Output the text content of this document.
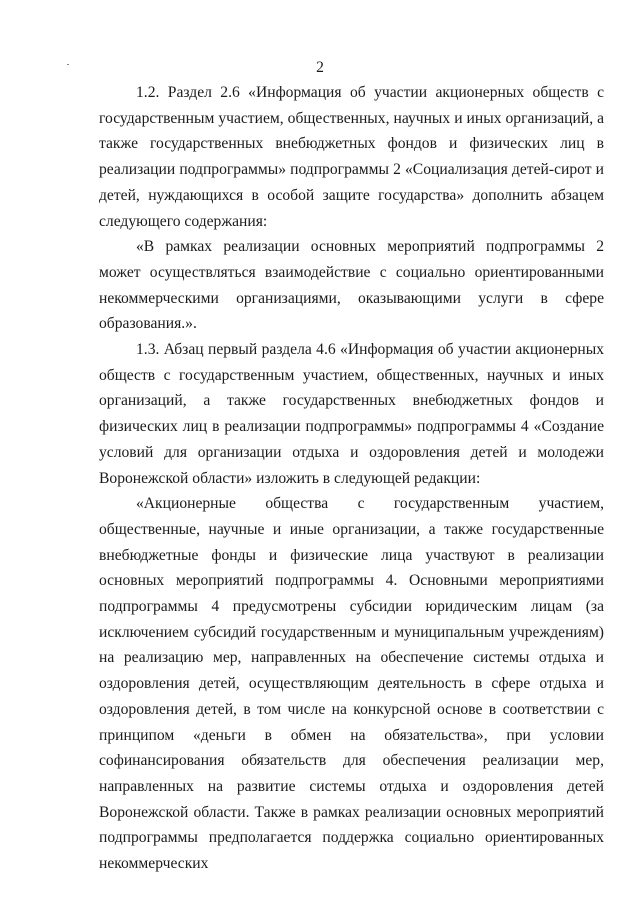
2

1.2. Раздел 2.6 «Информация об участии акционерных обществ с государственным участием, общественных, научных и иных организаций, а также государственных внебюджетных фондов и физических лиц в реализации подпрограммы» подпрограммы 2 «Социализация детей-сирот и детей, нуждающихся в особой защите государства» дополнить абзацем следующего содержания:

«В рамках реализации основных мероприятий подпрограммы 2 может осуществляться взаимодействие с социально ориентированными некоммерческими организациями, оказывающими услуги в сфере образования.».

1.3. Абзац первый раздела 4.6 «Информация об участии акционерных обществ с государственным участием, общественных, научных и иных организаций, а также государственных внебюджетных фондов и физических лиц в реализации подпрограммы» подпрограммы 4 «Создание условий для организации отдыха и оздоровления детей и молодежи Воронежской области» изложить в следующей редакции:

«Акционерные общества с государственным участием, общественные, научные и иные организации, а также государственные внебюджетные фонды и физические лица участвуют в реализации основных мероприятий подпрограммы 4. Основными мероприятиями подпрограммы 4 предусмотрены субсидии юридическим лицам (за исключением субсидий государственным и муниципальным учреждениям) на реализацию мер, направленных на обеспечение системы отдыха и оздоровления детей, осуществляющим деятельность в сфере отдыха и оздоровления детей, в том числе на конкурсной основе в соответствии с принципом «деньги в обмен на обязательства», при условии софинансирования обязательств для обеспечения реализации мер, направленных на развитие системы отдыха и оздоровления детей Воронежской области. Также в рамках реализации основных мероприятий подпрограммы предполагается поддержка социально ориентированных некоммерческих
